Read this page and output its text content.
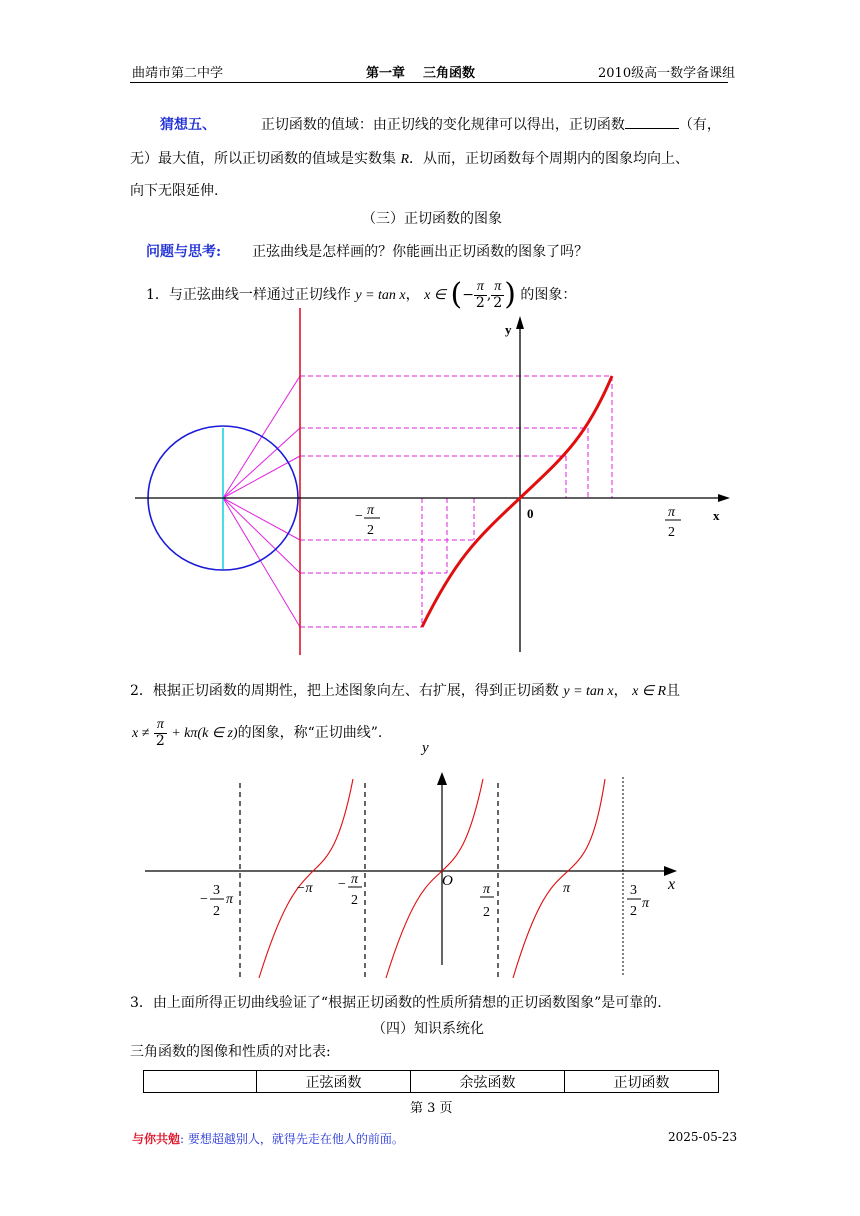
曲靖市第二中学	第一章 三角函数	2010级高一数学备课组
猜想五、	正切函数的值域：由正切线的变化规律可以得出，正切函数	（有，
无）最大值，所以正切函数的值域是实数集 R．从而，正切函数每个周期内的图象均向上、
向下无限延伸.
（三）正切函数的图象
问题与思考: 正弦曲线是怎样画的？你能画出正切函数的图象了吗？
1．与正弦曲线一样通过正切线作 y = tan x， x ∈ (− $\frac{\pi}{2}$ , $\frac{\pi}{2}$ ) 的图象：
y
x
0
− π
2
π
2
2．根据正切函数的周期性，把上述图象向左、右扩展，得到正切函数 y = tan x， x ∈ R且
$x \ne \frac{\pi}{2} + k\pi(k$ ∈ z)的图象，称“正切曲线”.
y
x
O
−
3
2
π
−π − π
2
π
2
π	3
2
π
3．由上面所得正切曲线验证了“根据正切函数的性质所猜想的正切函数图象”是可靠的.
（四）知识系统化
三角函数的图像和性质的对比表:
	正弦函数	余弦函数	正切函数
第 3 页
与你共勉: 要想超越别人，就得先走在他人的前面。	2025-05-23
